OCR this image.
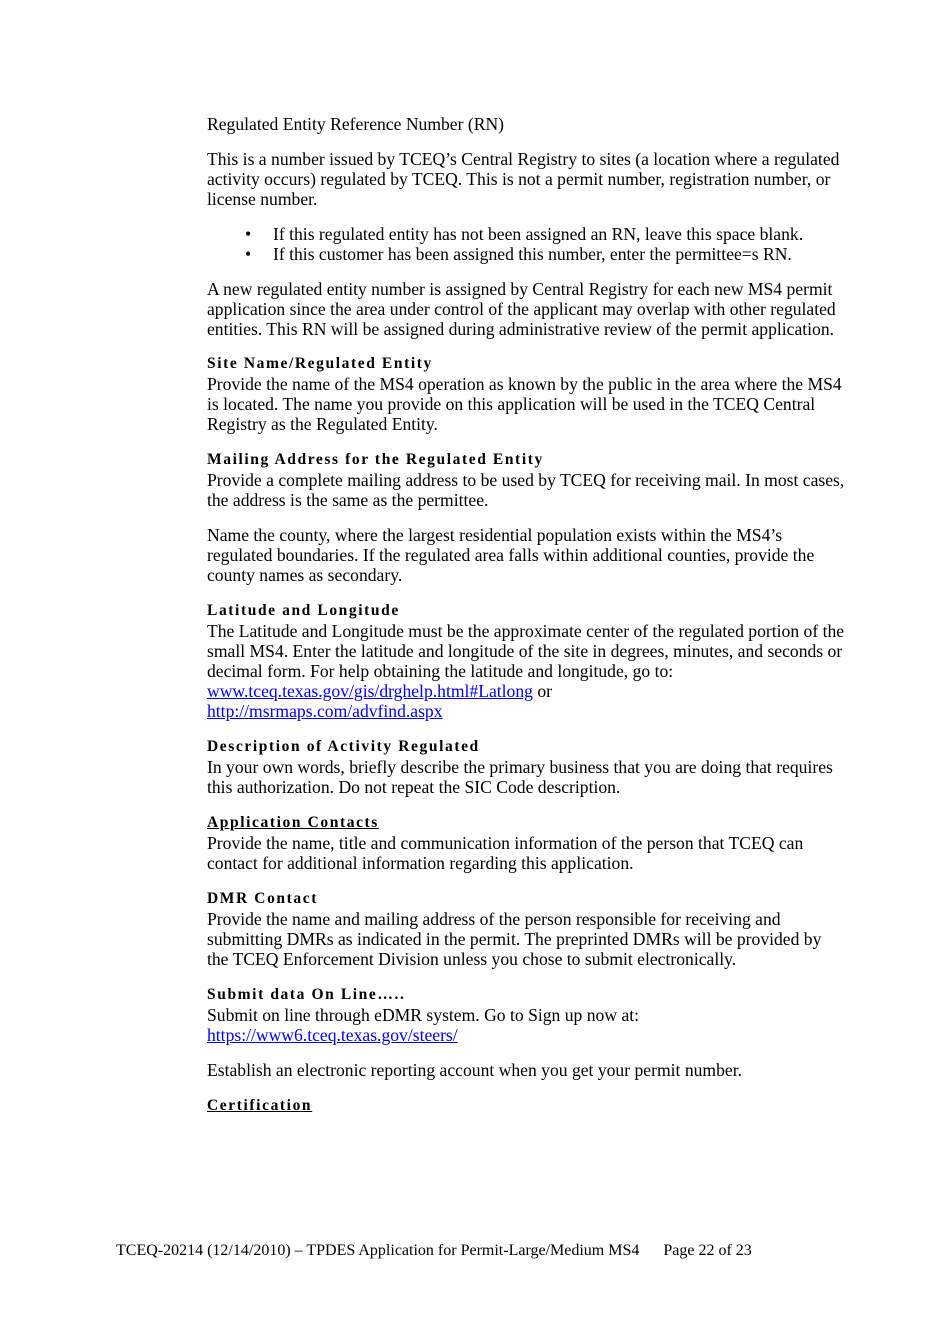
Regulated Entity Reference Number (RN)

This is a number issued by TCEQ’s Central Registry to sites (a location where a regulated activity occurs) regulated by TCEQ. This is not a permit number, registration number, or license number.

• If this regulated entity has not been assigned an RN, leave this space blank.
• If this customer has been assigned this number, enter the permittee=s RN.

A new regulated entity number is assigned by Central Registry for each new MS4 permit application since the area under control of the applicant may overlap with other regulated entities. This RN will be assigned during administrative review of the permit application.

Site Name/Regulated Entity

Provide the name of the MS4 operation as known by the public in the area where the MS4 is located. The name you provide on this application will be used in the TCEQ Central Registry as the Regulated Entity.

Mailing Address for the Regulated Entity

Provide a complete mailing address to be used by TCEQ for receiving mail. In most cases, the address is the same as the permittee.

Name the county, where the largest residential population exists within the MS4’s regulated boundaries. If the regulated area falls within additional counties, provide the county names as secondary.

Latitude and Longitude

The Latitude and Longitude must be the approximate center of the regulated portion of the small MS4. Enter the latitude and longitude of the site in degrees, minutes, and seconds or decimal form. For help obtaining the latitude and longitude, go to: www.tceq.texas.gov/gis/drghelp.html#Latlong or
http://msrmaps.com/advfind.aspx

Description of Activity Regulated

In your own words, briefly describe the primary business that you are doing that requires this authorization. Do not repeat the SIC Code description.

Application Contacts

Provide the name, title and communication information of the person that TCEQ can contact for additional information regarding this application.

DMR Contact

Provide the name and mailing address of the person responsible for receiving and submitting DMRs as indicated in the permit. The preprinted DMRs will be provided by the TCEQ Enforcement Division unless you chose to submit electronically.

Submit data On Line…..

Submit on line through eDMR system. Go to Sign up now at:

https://www6.tceq.texas.gov/steers/

Establish an electronic reporting account when you get your permit number.

Certification

TCEQ-20214 (12/14/2010) – TPDES Application for Permit-Large/Medium MS4 Page 22 of 23
